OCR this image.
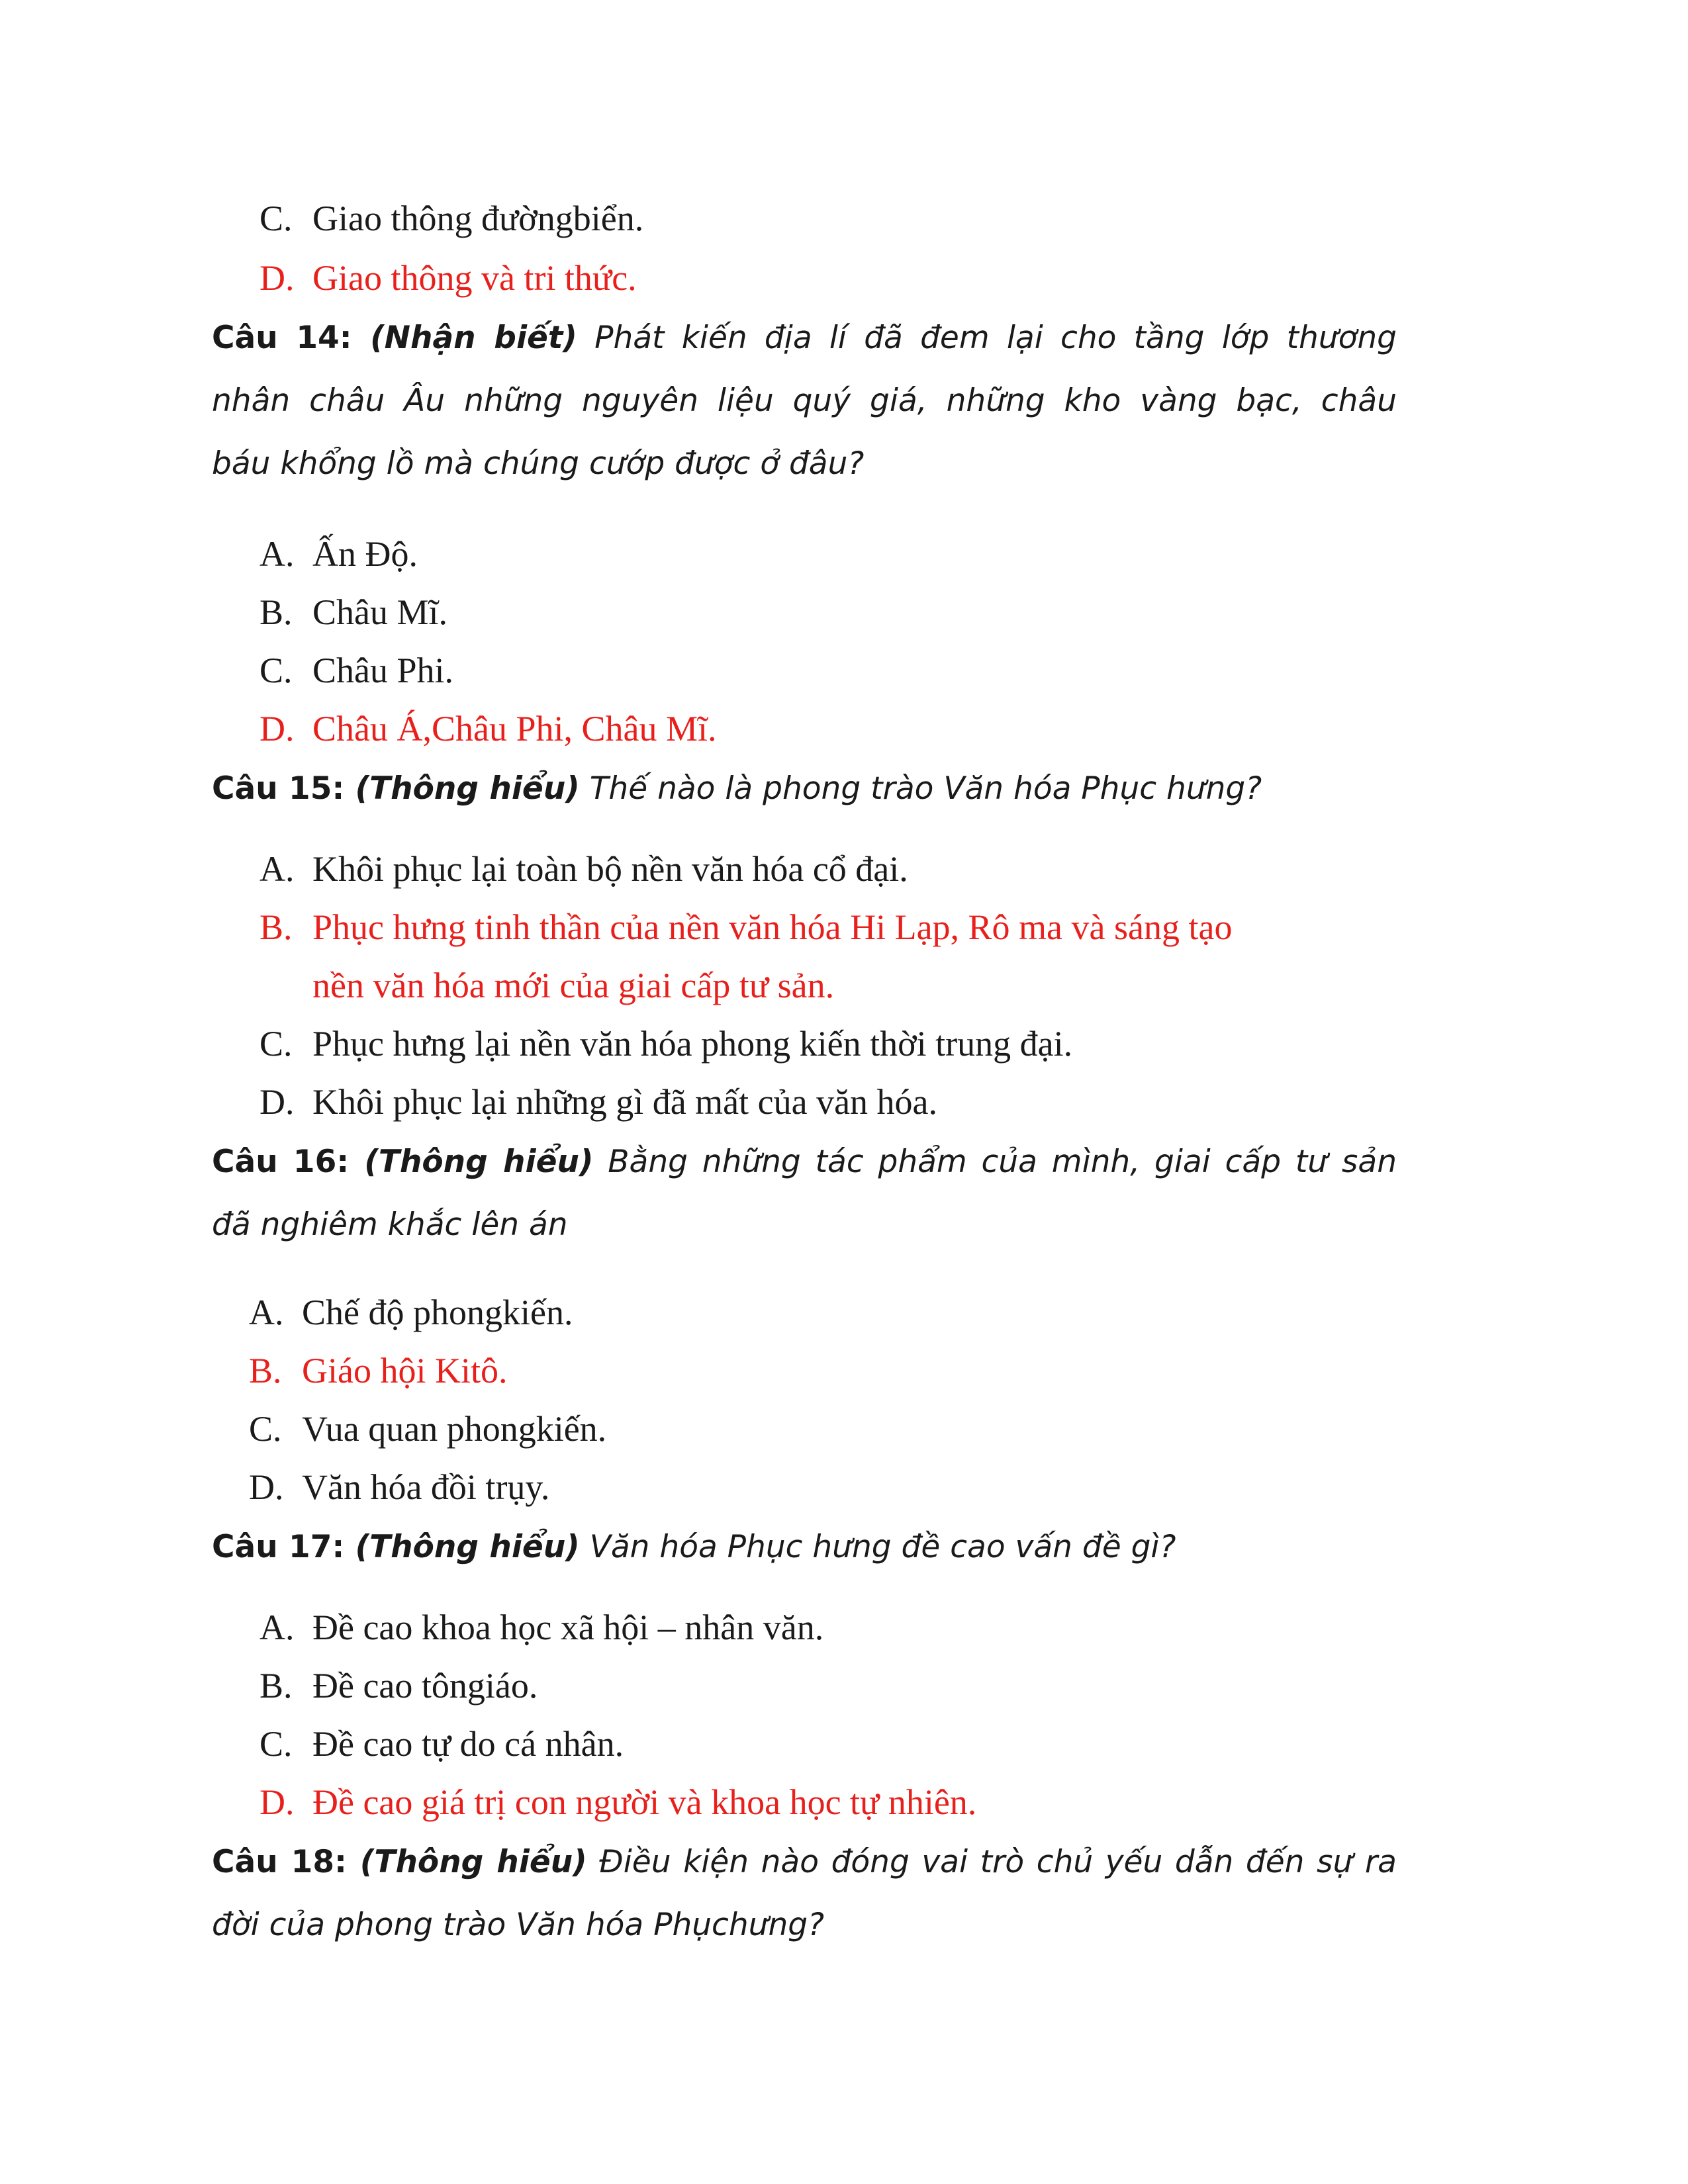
C. Giao thông đườngbiển.
D. Giao thông và tri thức.
Câu 14: (Nhận biết) Phát kiến địa lí đã đem lại cho tầng lớp thương
nhân châu Âu những nguyên liệu quý giá, những kho vàng bạc, châu
báu khổng lồ mà chúng cướp được ở đâu?
A. Ấn Độ.
B. Châu Mĩ.
C. Châu Phi.
D. Châu Á,Châu Phi, Châu Mĩ.
Câu 15: (Thông hiểu) Thế nào là phong trào Văn hóa Phục hưng?
A. Khôi phục lại toàn bộ nền văn hóa cổ đại.
B. Phục hưng tinh thần của nền văn hóa Hi Lạp, Rô ma và sáng tạo
nền văn hóa mới của giai cấp tư sản.
C. Phục hưng lại nền văn hóa phong kiến thời trung đại.
D. Khôi phục lại những gì đã mất của văn hóa.
Câu 16: (Thông hiểu) Bằng những tác phẩm của mình, giai cấp tư sản
đã nghiêm khắc lên án
A. Chế độ phongkiến.
B. Giáo hội Kitô.
C. Vua quan phongkiến.
D. Văn hóa đồi trụy.
Câu 17: (Thông hiểu) Văn hóa Phục hưng đề cao vấn đề gì?
A. Đề cao khoa học xã hội – nhân văn.
B. Đề cao tôngiáo.
C. Đề cao tự do cá nhân.
D. Đề cao giá trị con người và khoa học tự nhiên.
Câu 18: (Thông hiểu) Điều kiện nào đóng vai trò chủ yếu dẫn đến sự ra
đời của phong trào Văn hóa Phụchưng?
